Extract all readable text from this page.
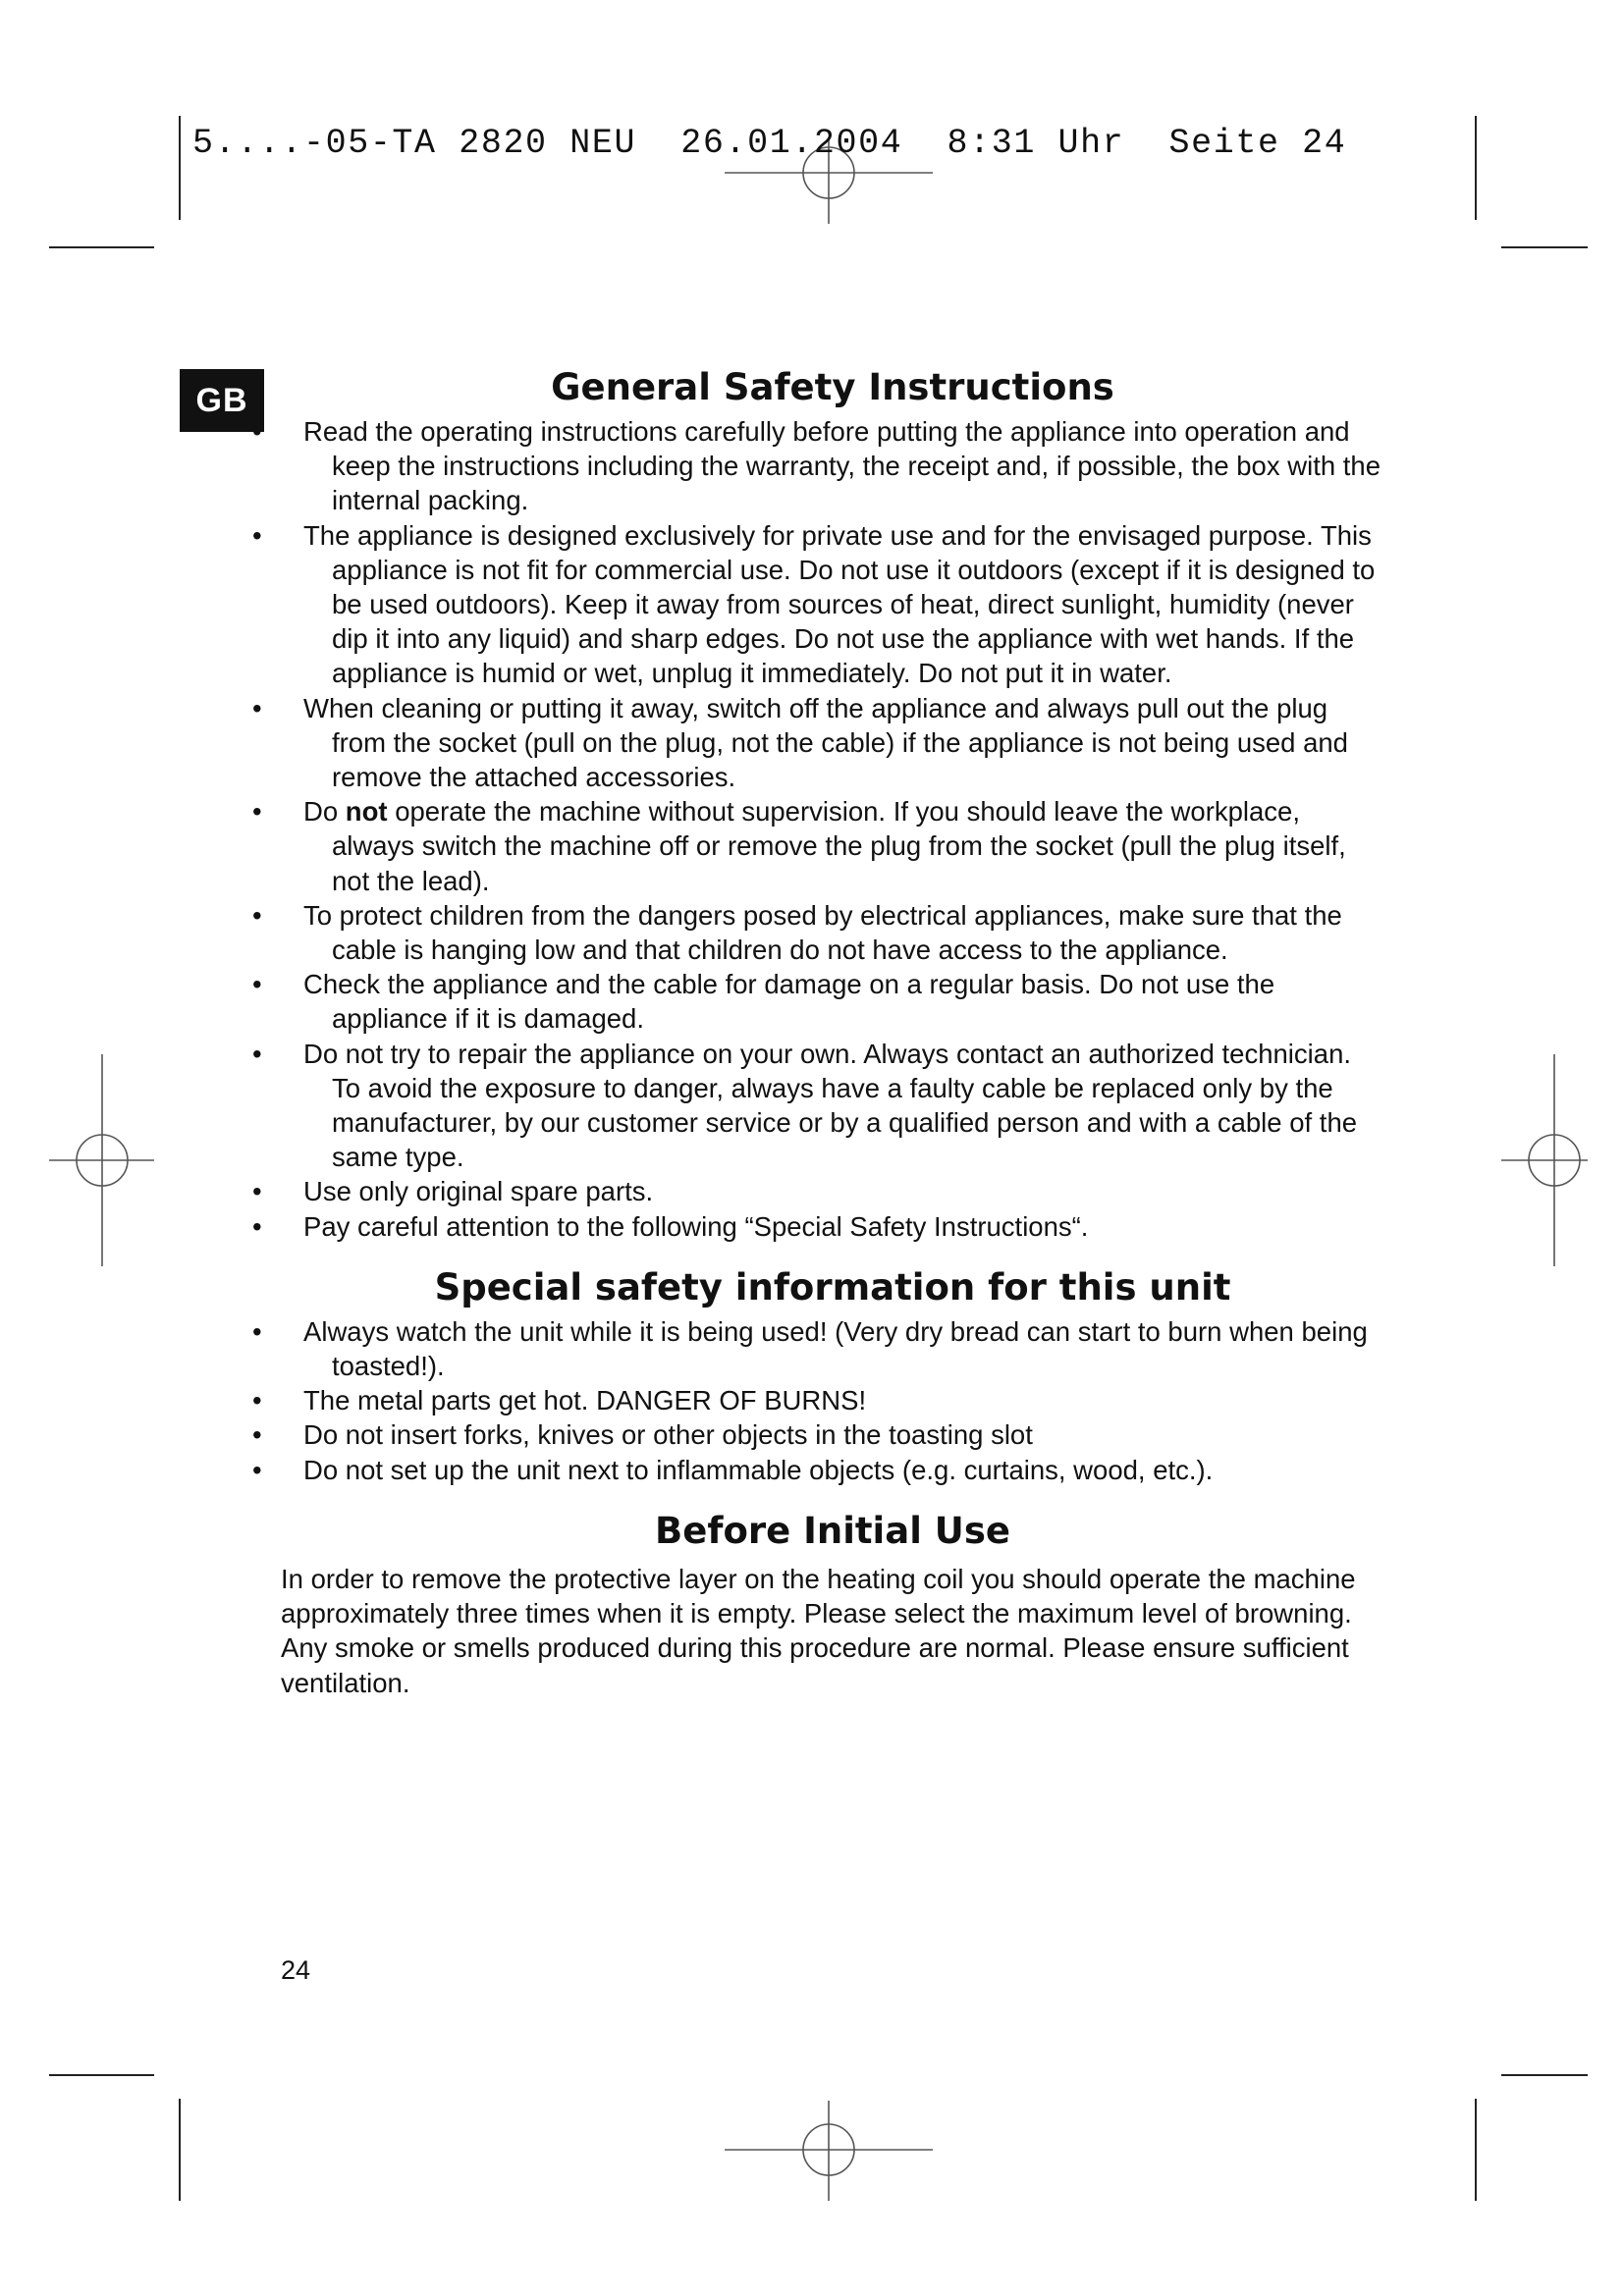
5....-05-TA 2820 NEU  26.01.2004  8:31 Uhr  Seite 24
GB	General Safety Instructions
Read the operating instructions carefully before putting the appliance into operation and keep the instructions including the warranty, the receipt and, if possible, the box with the internal packing.
•	The appliance is designed exclusively for private use and for the envisaged purpose. This appliance is not fit for commercial use. Do not use it outdoors (except if it is designed to be used outdoors). Keep it away from sources of heat, direct sunlight, humidity (never dip it into any liquid) and sharp edges. Do not use the appliance with wet hands. If the appliance is humid or wet, unplug it immediately. Do not put it in water.
•	When cleaning or putting it away, switch off the appliance and always pull out the plug from the socket (pull on the plug, not the cable) if the appliance is not being used and remove the attached accessories.
•	Do not operate the machine without supervision. If you should leave the workplace, always switch the machine off or remove the plug from the socket (pull the plug itself, not the lead).
•	To protect children from the dangers posed by electrical appliances, make sure that the cable is hanging low and that children do not have access to the appliance.
•	Check the appliance and the cable for damage on a regular basis. Do not use the appliance if it is damaged.
•	Do not try to repair the appliance on your own. Always contact an authorized technician. To avoid the exposure to danger, always have a faulty cable be replaced only by the manufacturer, by our customer service or by a qualified person and with a cable of the same type.
•	Use only original spare parts.
•	Pay careful attention to the following “Special Safety Instructions“.
Special safety information for this unit
•	Always watch the unit while it is being used! (Very dry bread can start to burn when being toasted!).
•	The metal parts get hot. DANGER OF BURNS!
•	Do not insert forks, knives or other objects in the toasting slot
•	Do not set up the unit next to inflammable objects (e.g. curtains, wood, etc.).
Before Initial Use

In order to remove the protective layer on the heating coil you should operate the machine approximately three times when it is empty. Please select the maximum level of browning. Any smoke or smells produced during this procedure are normal. Please ensure sufficient ventilation.

24
